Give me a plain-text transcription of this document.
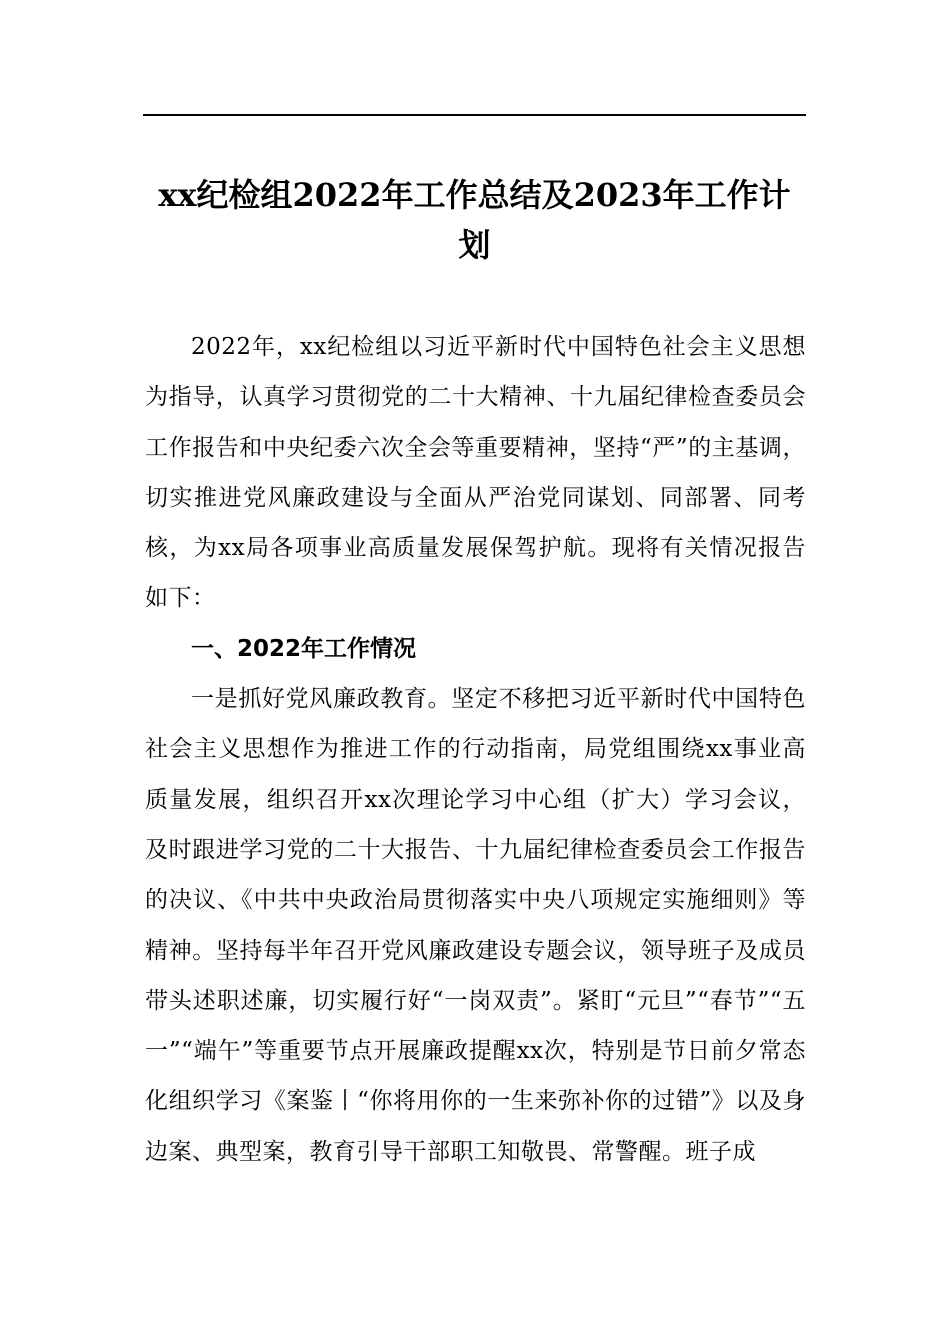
xx纪检组2022年工作总结及2023年工作计划

2022年，xx纪检组以习近平新时代中国特色社会主义思想为指导，认真学习贯彻党的二十大精神、十九届纪律检查委员会工作报告和中央纪委六次全会等重要精神，坚持“严”的主基调，切实推进党风廉政建设与全面从严治党同谋划、同部署、同考核，为xx局各项事业高质量发展保驾护航。现将有关情况报告如下：

一、2022年工作情况

一是抓好党风廉政教育。坚定不移把习近平新时代中国特色社会主义思想作为推进工作的行动指南，局党组围绕xx事业高质量发展，组织召开xx次理论学习中心组（扩大）学习会议，及时跟进学习党的二十大报告、十九届纪律检查委员会工作报告的决议、《中共中央政治局贯彻落实中央八项规定实施细则》等精神。坚持每半年召开党风廉政建设专题会议，领导班子及成员带头述职述廉，切实履行好“一岗双责”。紧盯“元旦”“春节”“五一”“端午”等重要节点开展廉政提醒xx次，特别是节日前夕常态化组织学习《案鉴丨“你将用你的一生来弥补你的过错”》以及身边案、典型案，教育引导干部职工知敬畏、常警醒。班子成
